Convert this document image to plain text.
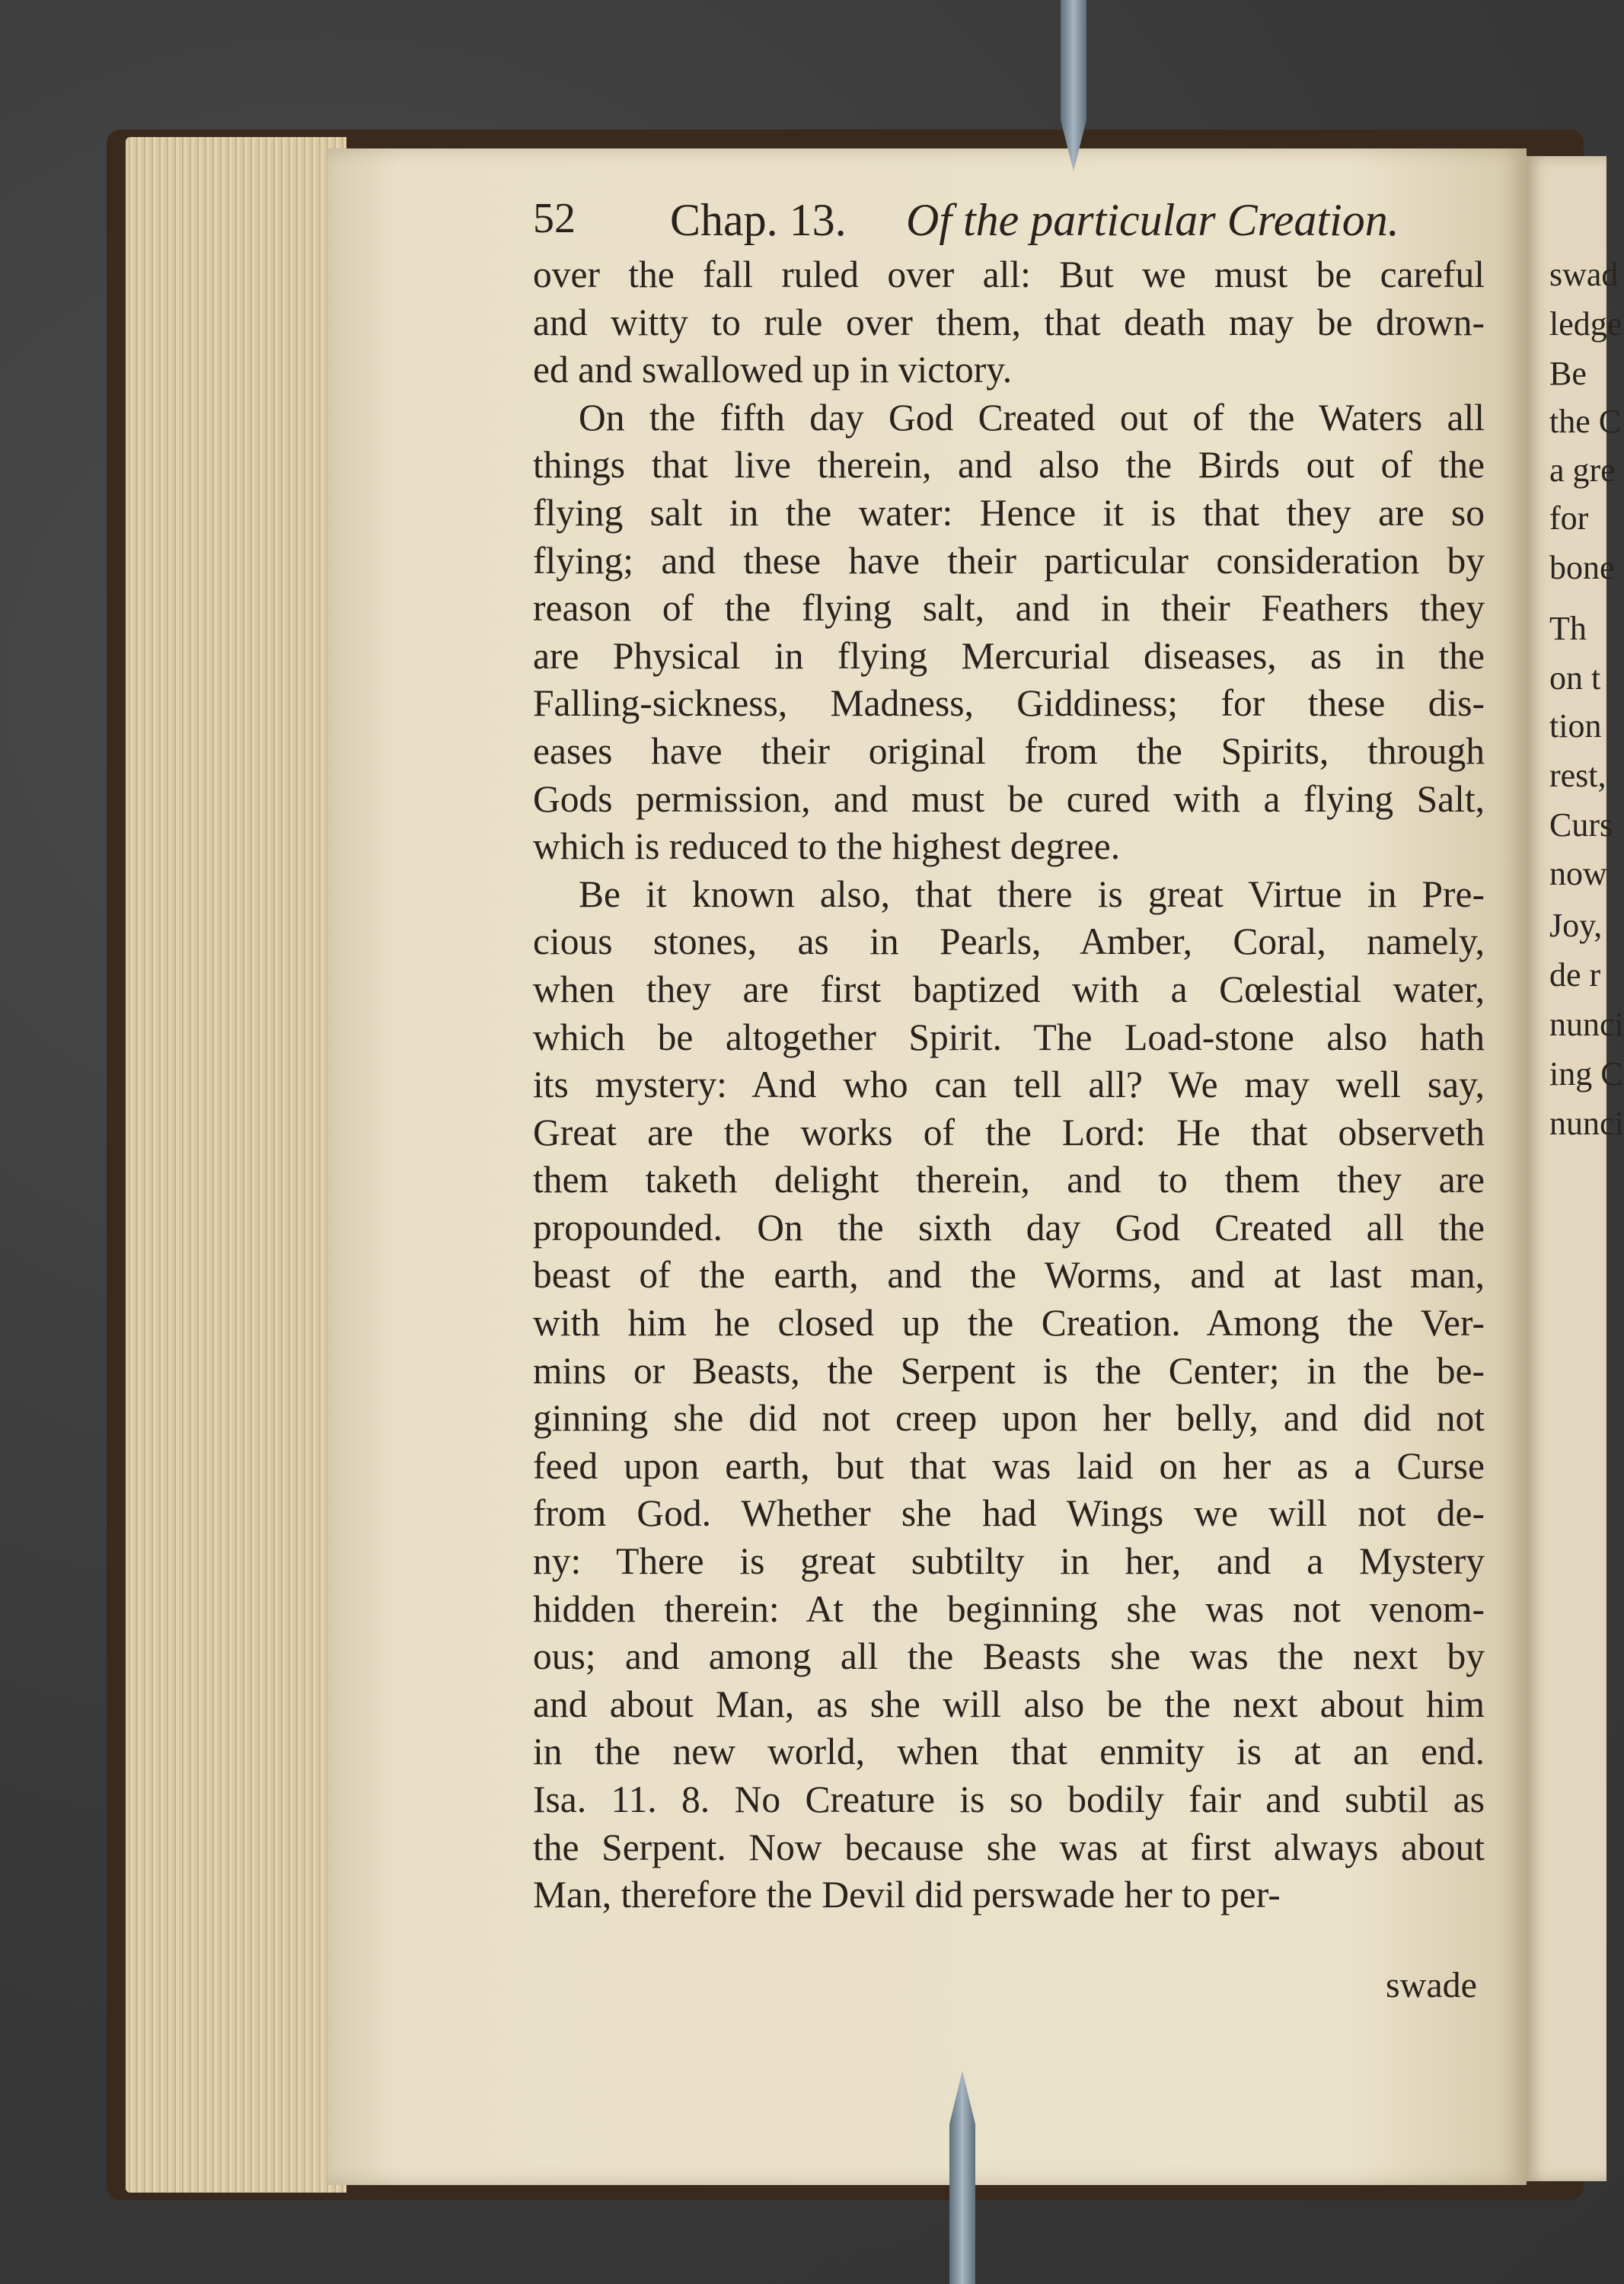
swad
ledge
Be
the C
a gre
for
bone
Th
on t
tion
rest,
Curs
now
Joy,
de r
nunci
ing C
nunci
52 Chap. 13. Of the particular Creation.
over the fall ruled over all: But we must be careful
and witty to rule over them, that death may be drown-
ed and swallowed up in victory.
On the fifth day God Created out of the Waters all
things that live therein, and also the Birds out of the
flying salt in the water: Hence it is that they are so
flying; and these have their particular consideration by
reason of the flying salt, and in their Feathers they
are Physical in flying Mercurial diseases, as in the
Falling-sickness, Madness, Giddiness; for these dis-
eases have their original from the Spirits, through
Gods permission, and must be cured with a flying Salt,
which is reduced to the highest degree.
Be it known also, that there is great Virtue in Pre-
cious stones, as in Pearls, Amber, Coral, namely,
when they are first baptized with a Cœlestial water,
which be altogether Spirit. The Load-stone also hath
its mystery: And who can tell all? We may well say,
Great are the works of the Lord: He that observeth
them taketh delight therein, and to them they are
propounded. On the sixth day God Created all the
beast of the earth, and the Worms, and at last man,
with him he closed up the Creation. Among the Ver-
mins or Beasts, the Serpent is the Center; in the be-
ginning she did not creep upon her belly, and did not
feed upon earth, but that was laid on her as a Curse
from God. Whether she had Wings we will not de-
ny: There is great subtilty in her, and a Mystery
hidden therein: At the beginning she was not venom-
ous; and among all the Beasts she was the next by
and about Man, as she will also be the next about him
in the new world, when that enmity is at an end.
Isa. 11. 8. No Creature is so bodily fair and subtil as
the Serpent. Now because she was at first always about
Man, therefore the Devil did perswade her to per-
swade
